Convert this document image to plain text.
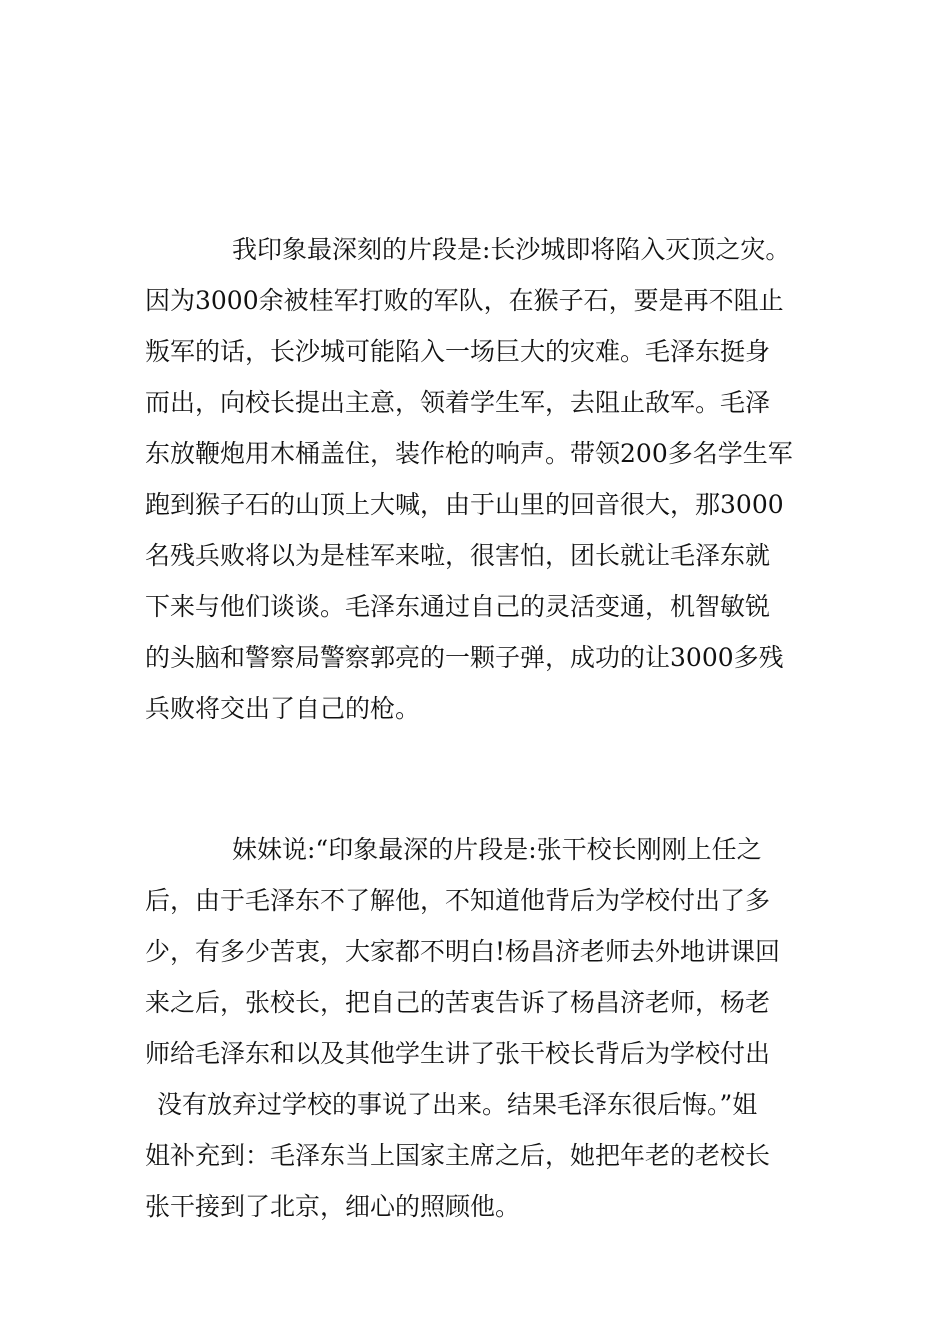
我印象最深刻的片段是:长沙城即将陷入灭顶之灾。
因为3000余被桂军打败的军队，在猴子石，要是再不阻止
叛军的话，长沙城可能陷入一场巨大的灾难。毛泽东挺身
而出，向校长提出主意，领着学生军，去阻止敌军。毛泽
东放鞭炮用木桶盖住，装作枪的响声。带领200多名学生军
跑到猴子石的山顶上大喊，由于山里的回音很大，那3000
名残兵败将以为是桂军来啦，很害怕，团长就让毛泽东就
下来与他们谈谈。毛泽东通过自己的灵活变通，机智敏锐
的头脑和警察局警察郭亮的一颗子弹，成功的让3000多残
兵败将交出了自己的枪。
妹妹说:“印象最深的片段是:张干校长刚刚上任之
后，由于毛泽东不了解他，不知道他背后为学校付出了多
少，有多少苦衷，大家都不明白!杨昌济老师去外地讲课回
来之后，张校长，把自己的苦衷告诉了杨昌济老师，杨老
师给毛泽东和以及其他学生讲了张干校长背后为学校付出
没有放弃过学校的事说了出来。结果毛泽东很后悔。”姐
姐补充到：毛泽东当上国家主席之后，她把年老的老校长
张干接到了北京，细心的照顾他。
